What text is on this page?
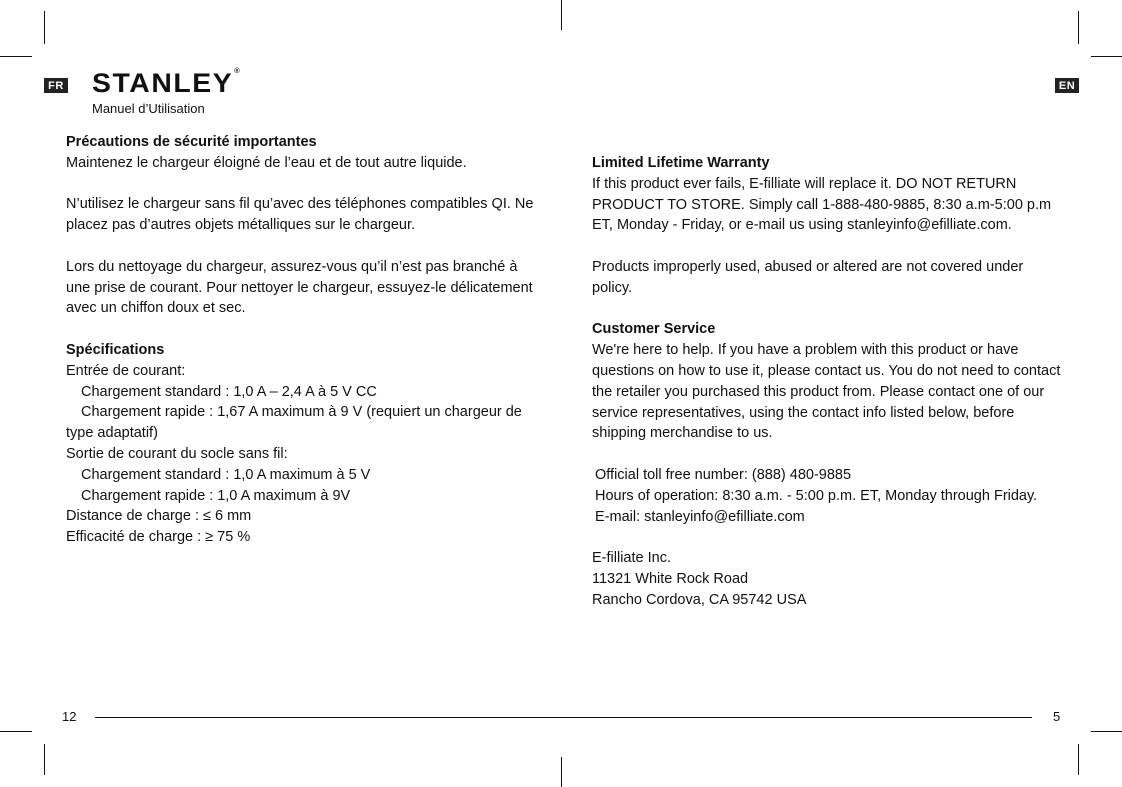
FR	EN
STANLEY®
Manuel d’Utilisation

Précautions de sécurité importantes

Maintenez le chargeur éloigné de l’eau et de tout autre liquide.

N’utilisez le chargeur sans fil qu’avec des téléphones compatibles QI. Ne placez pas d’autres objets métalliques sur le chargeur.

Lors du nettoyage du chargeur, assurez-vous qu’il n’est pas branché à une prise de courant. Pour nettoyer le chargeur, essuyez-le délicatement avec un chiffon doux et sec.

Spécifications

Entrée de courant:

Chargement standard : 1,0 A – 2,4 A à 5 V CC

Chargement rapide : 1,67 A maximum à 9 V (requiert un chargeur de

type adaptatif)

Sortie de courant du socle sans fil:

Chargement standard : 1,0 A maximum à 5 V

Chargement rapide : 1,0 A maximum à 9V

Distance de charge : ≤ 6 mm

Efficacité de charge : ≥ 75 %

Limited Lifetime Warranty

If this product ever fails, E-filliate will replace it. DO NOT RETURN PRODUCT TO STORE. Simply call 1-888-480-9885, 8:30 a.m-5:00 p.m ET, Monday - Friday, or e-mail us using stanleyinfo@efilliate.com.

Products improperly used, abused or altered are not covered under policy.

Customer Service

We're here to help. If you have a problem with this product or have questions on how to use it, please contact us. You do not need to contact the retailer you purchased this product from. Please contact one of our service representatives, using the contact info listed below, before shipping merchandise to us.

Official toll free number: (888) 480-9885

Hours of operation: 8:30 a.m. - 5:00 p.m. ET, Monday through Friday.

E-mail: stanleyinfo@efilliate.com

E-filliate Inc.

11321 White Rock Road

Rancho Cordova, CA 95742 USA

12	5
